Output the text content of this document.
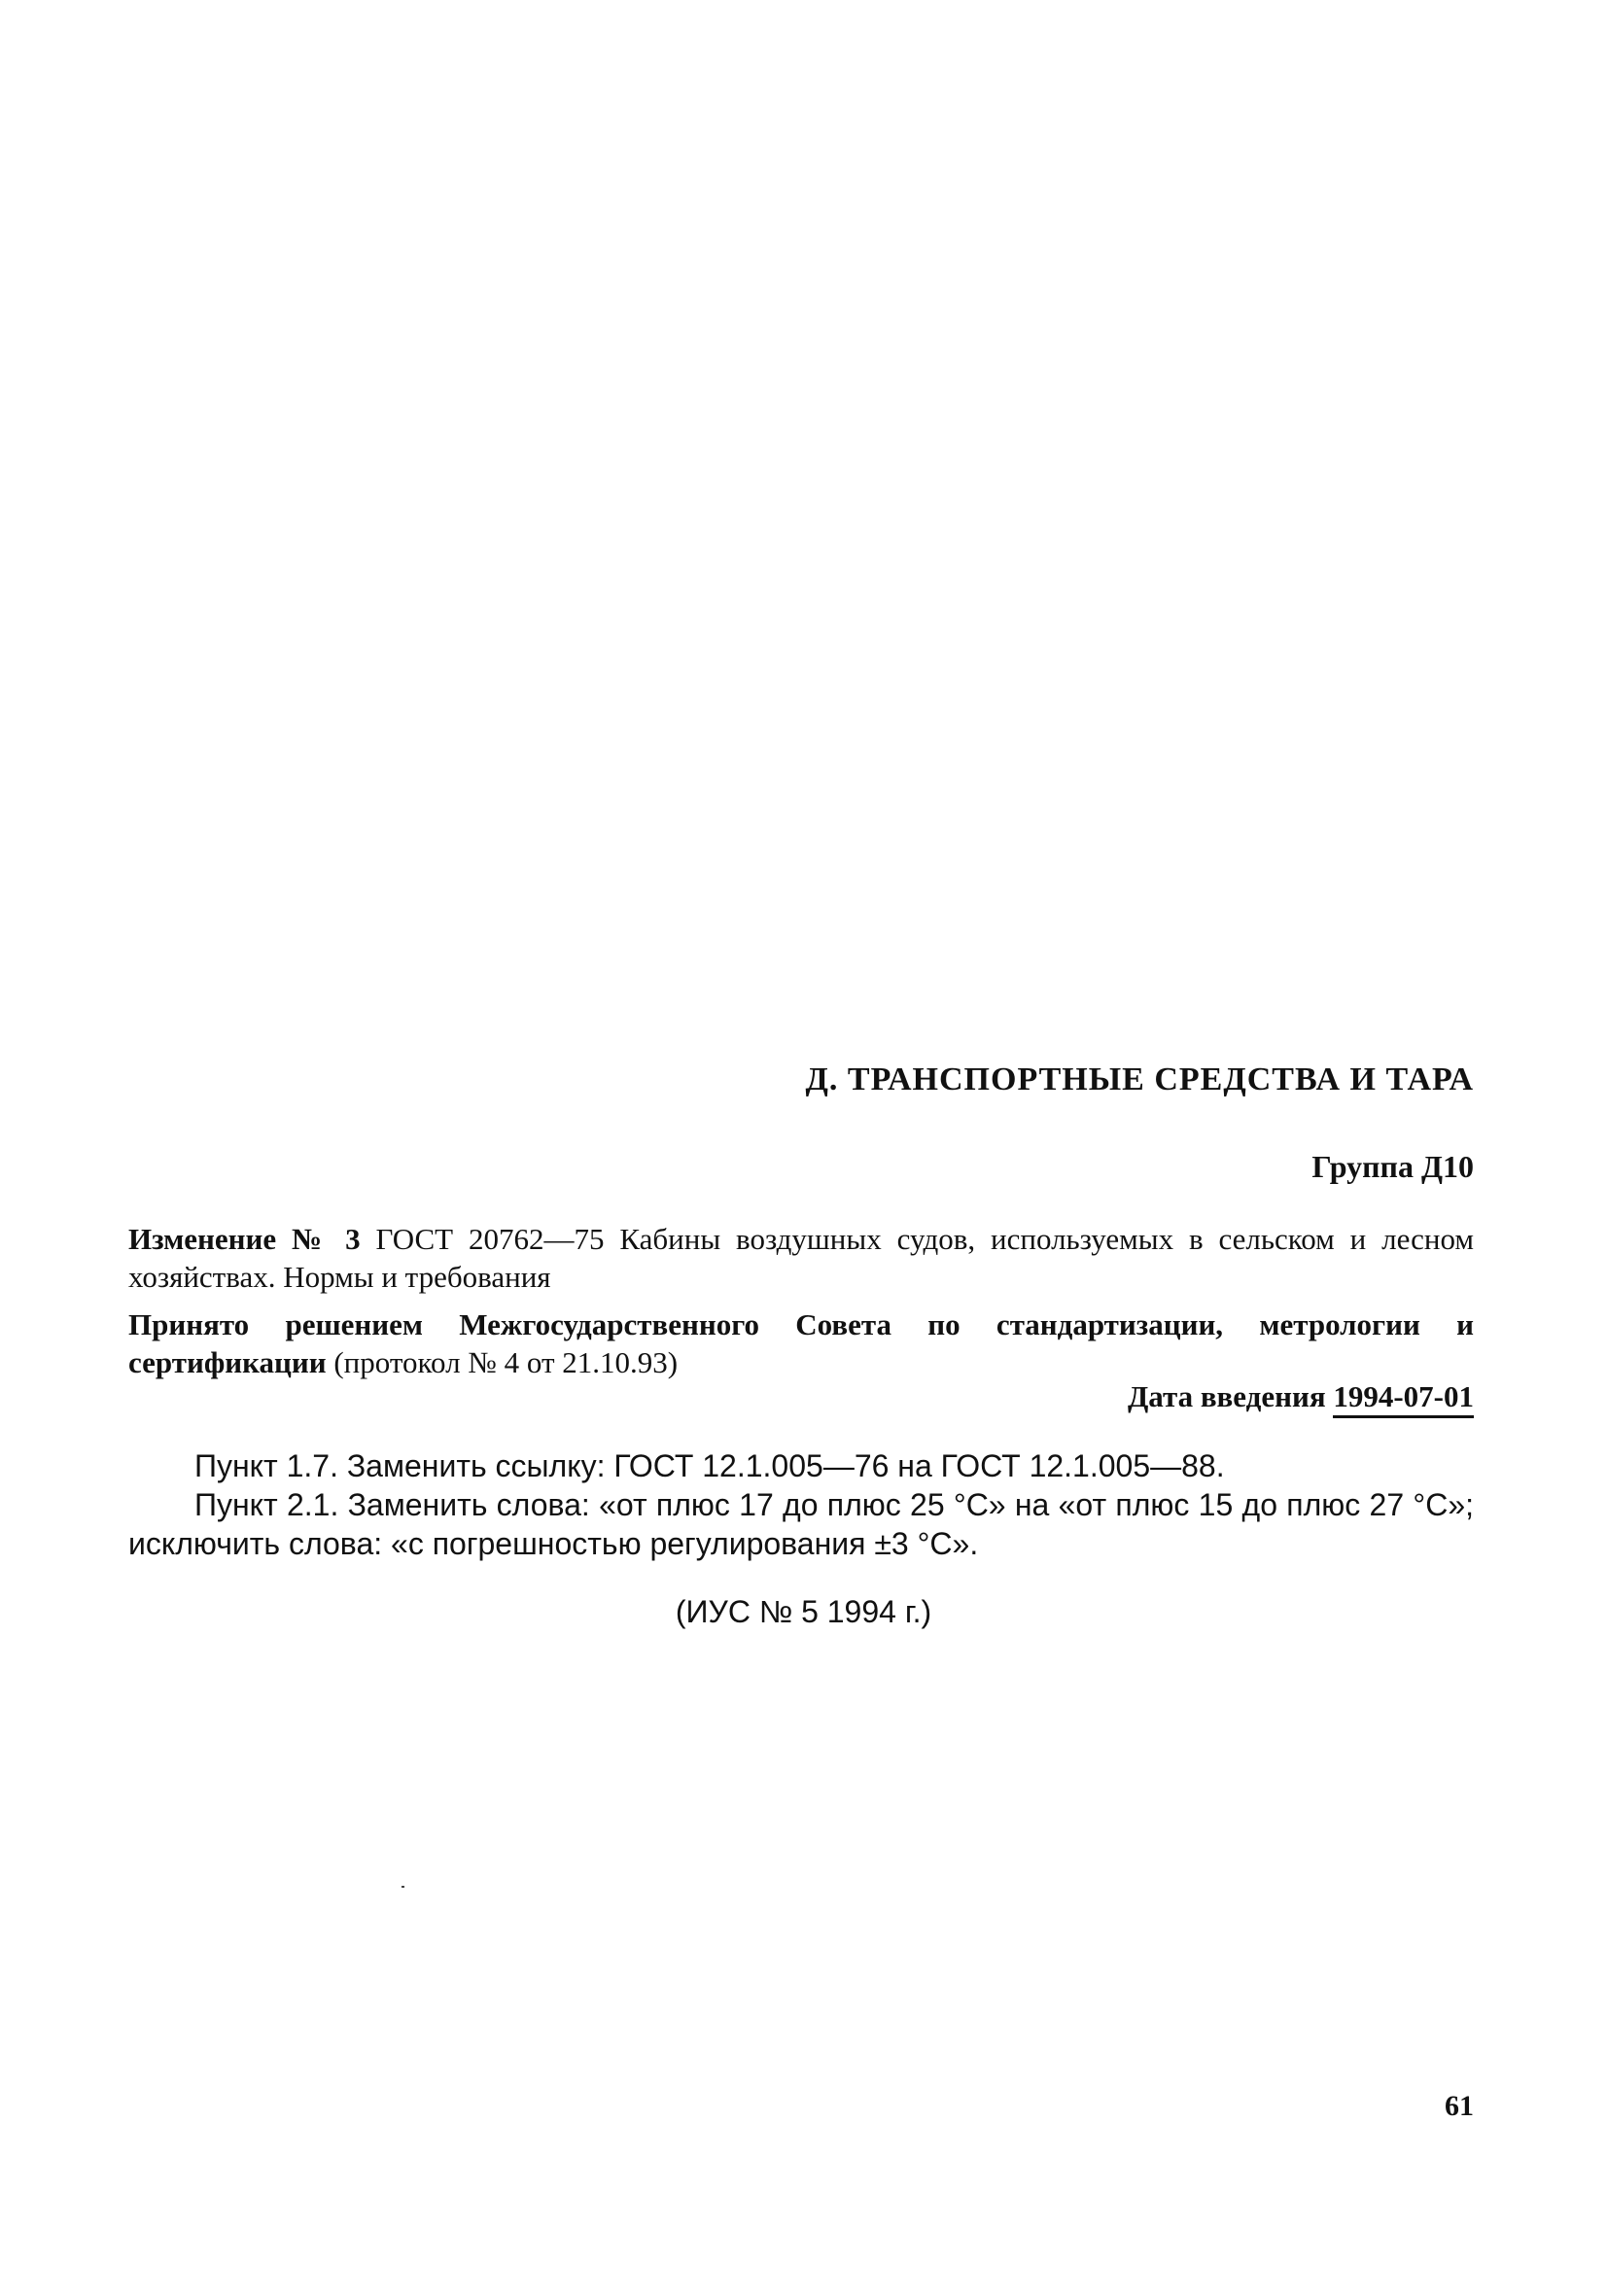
Д. ТРАНСПОРТНЫЕ СРЕДСТВА И ТАРА
Группа Д10
Изменение № 3 ГОСТ 20762—75 Кабины воздушных судов, используемых в сельском и лесном хозяйствах. Нормы и требования
Принято решением Межгосударственного Совета по стандартизации, метрологии и сертификации (протокол № 4 от 21.10.93)
Дата введения 1994-07-01

Пункт 1.7. Заменить ссылку: ГОСТ 12.1.005—76 на ГОСТ 12.1.005—88.

Пункт 2.1. Заменить слова: «от плюс 17 до плюс 25 °С» на «от плюс 15 до плюс 27 °С»; исключить слова: «с погрешностью регулирования ±3 °С».

(ИУС № 5 1994 г.)
61
